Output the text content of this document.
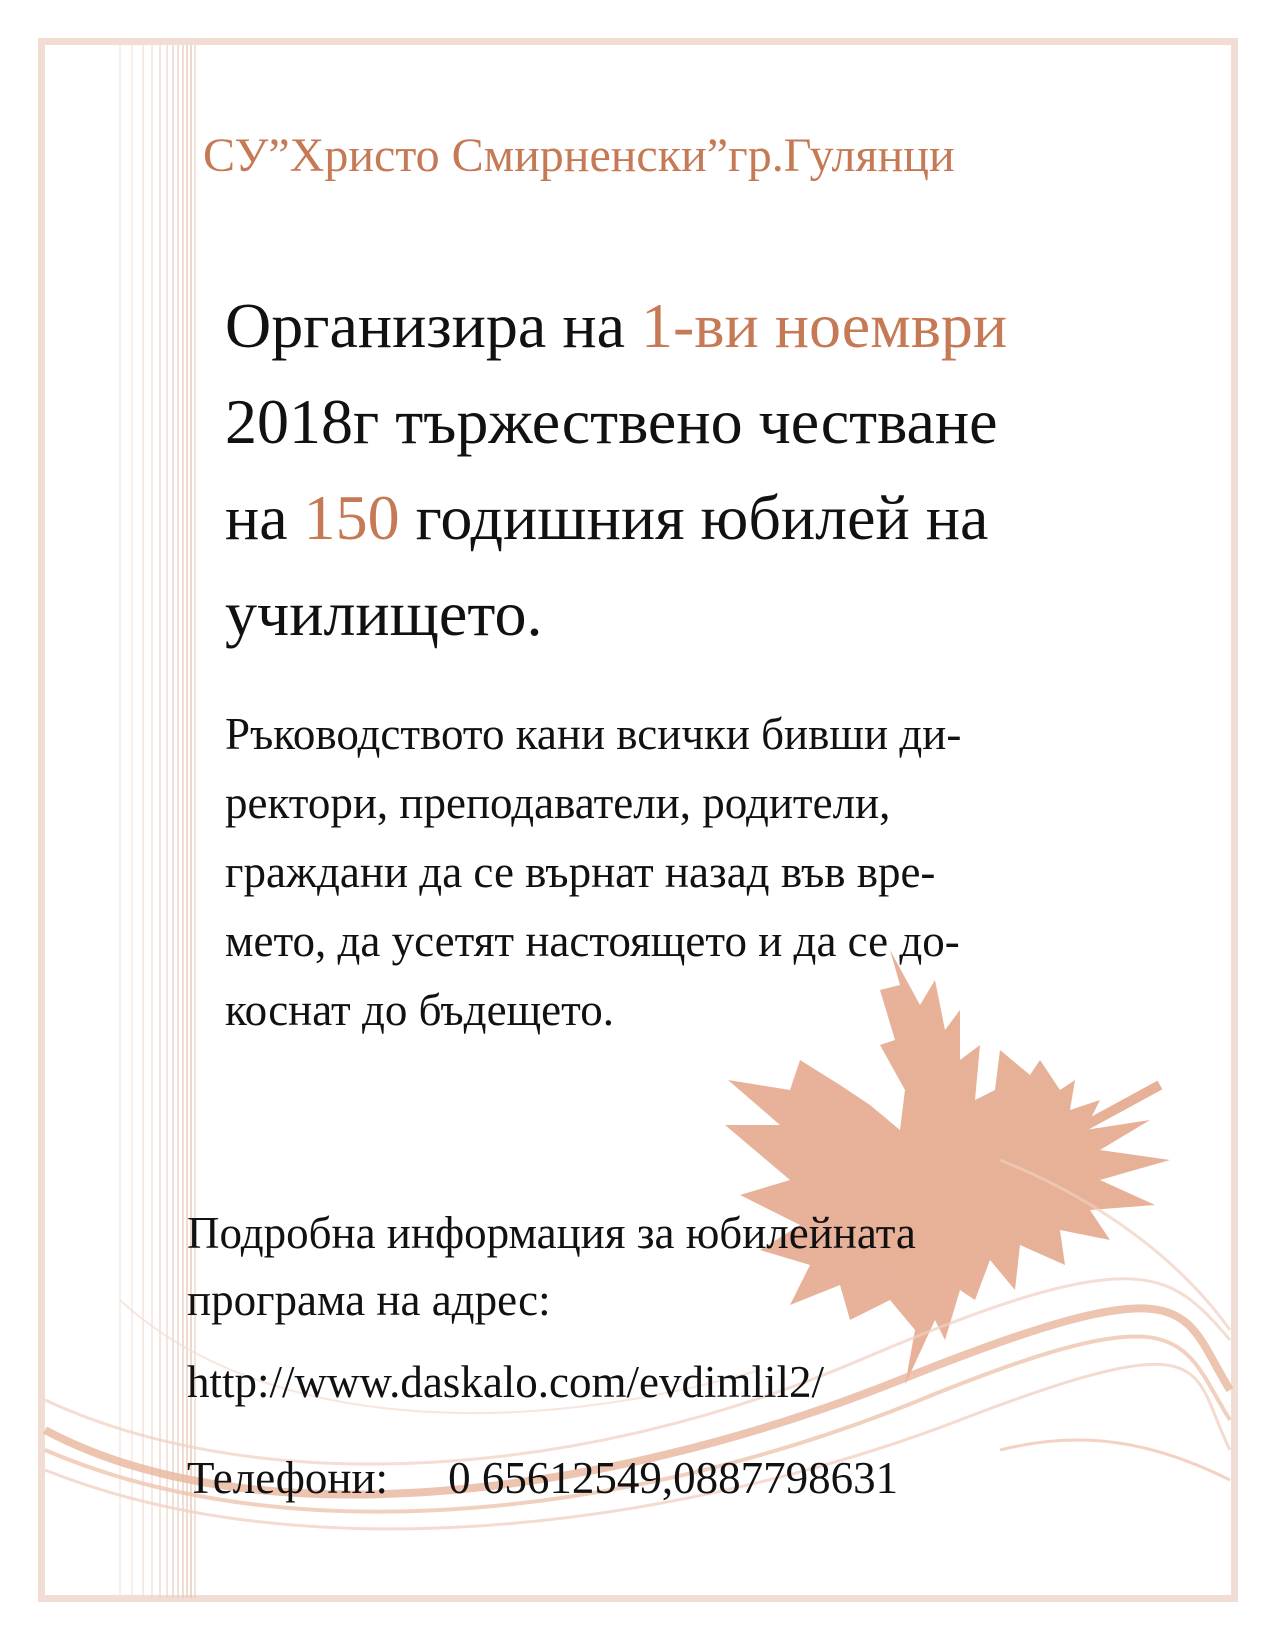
СУ”Христо Смирненски”гр.Гулянци

Организира на 1-ви ноември
2018г тържествено честване
на 150 годишния юбилей на
училището.

Ръководството кани всички бивши ди-
ректори, преподаватели, родители,
граждани да се върнат назад във вре-
мето, да усетят настоящето и да се до-
коснат до бъдещето.

Подробна информация за юбилейната
програма на адрес:

http://www.daskalo.com/evdimlil2/
Телефони: 0 65612549,0887798631
